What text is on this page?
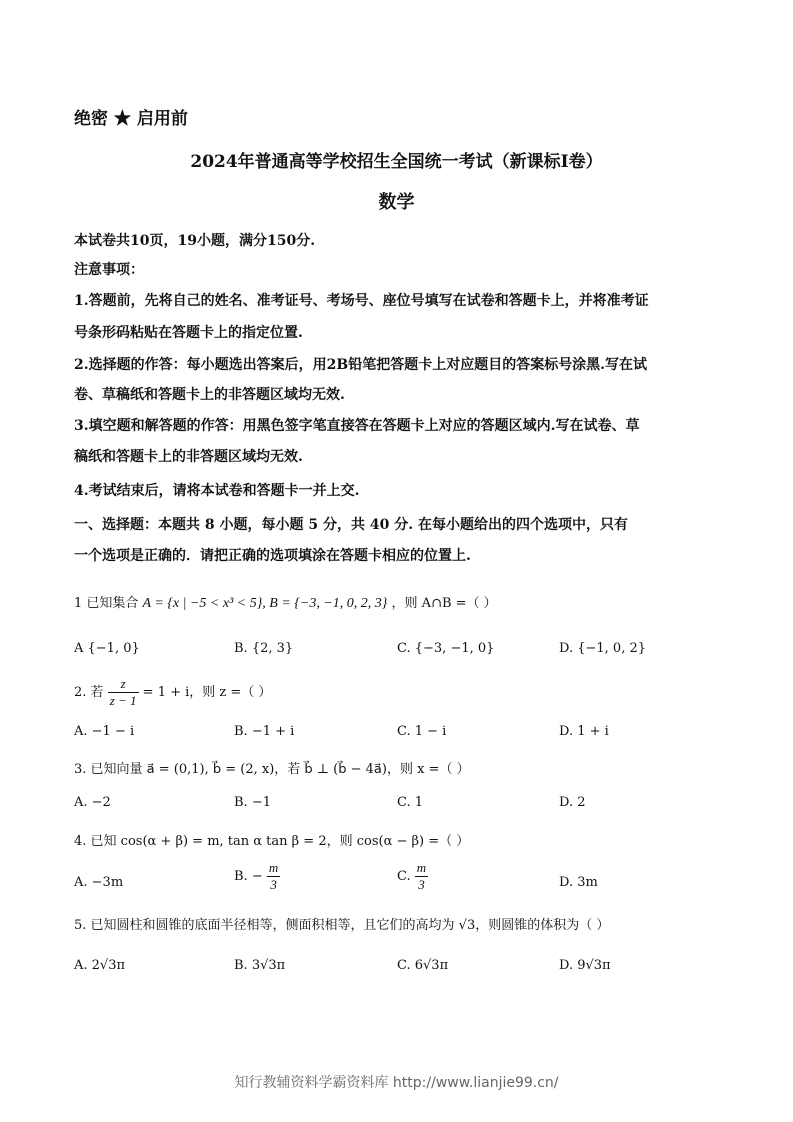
绝密 ★ 启用前
2024年普通高等学校招生全国统一考试（新课标I卷）
数学
本试卷共10页，19小题，满分150分.
注意事项：
1.答题前，先将自己的姓名、准考证号、考场号、座位号填写在试卷和答题卡上，并将准考证
号条形码粘贴在答题卡上的指定位置.
2.选择题的作答：每小题选出答案后，用2B铅笔把答题卡上对应题目的答案标号涂黑.写在试
卷、草稿纸和答题卡上的非答题区域均无效.
3.填空题和解答题的作答：用黑色签字笔直接答在答题卡上对应的答题区域内.写在试卷、草
稿纸和答题卡上的非答题区域均无效.
4.考试结束后，请将本试卷和答题卡一并上交.
一、选择题：本题共 8 小题，每小题 5 分，共 40 分. 在每小题给出的四个选项中，只有
一个选项是正确的．请把正确的选项填涂在答题卡相应的位置上.
1 已知集合 A = {x | −5 < x³ < 5}, B = {−3, −1, 0, 2, 3} ，则 A∩B =（ ）
A {−1, 0}	B. {2, 3}	C. {−3, −1, 0}	D. {−1, 0, 2}
2. 若 $\frac{z}{z - 1} = 1 + i$，则 z =（ ）
A. −1 − i	B. −1 + i	C. 1 − i	D. 1 + i
3. 已知向量 a⃗ = (0,1), b⃗ = (2, x)，若 b⃗ ⊥ (b⃗ − 4a⃗)，则 x =（ ）
A. −2	B. −1	C. 1	D. 2
4. 已知 cos(α + β) = m, tan α tan β = 2，则 cos(α − β) =（ ）
A. −3m	B. − $\frac{m}{3}$	C. $\frac{m}{3}$	D. 3m
5. 已知圆柱和圆锥的底面半径相等，侧面积相等，且它们的高均为 √3，则圆锥的体积为（ ）
A. 2√3π	B. 3√3π	C. 6√3π	D. 9√3π
知行教辅资料学霸资料库 http://www.lianjie99.cn/
